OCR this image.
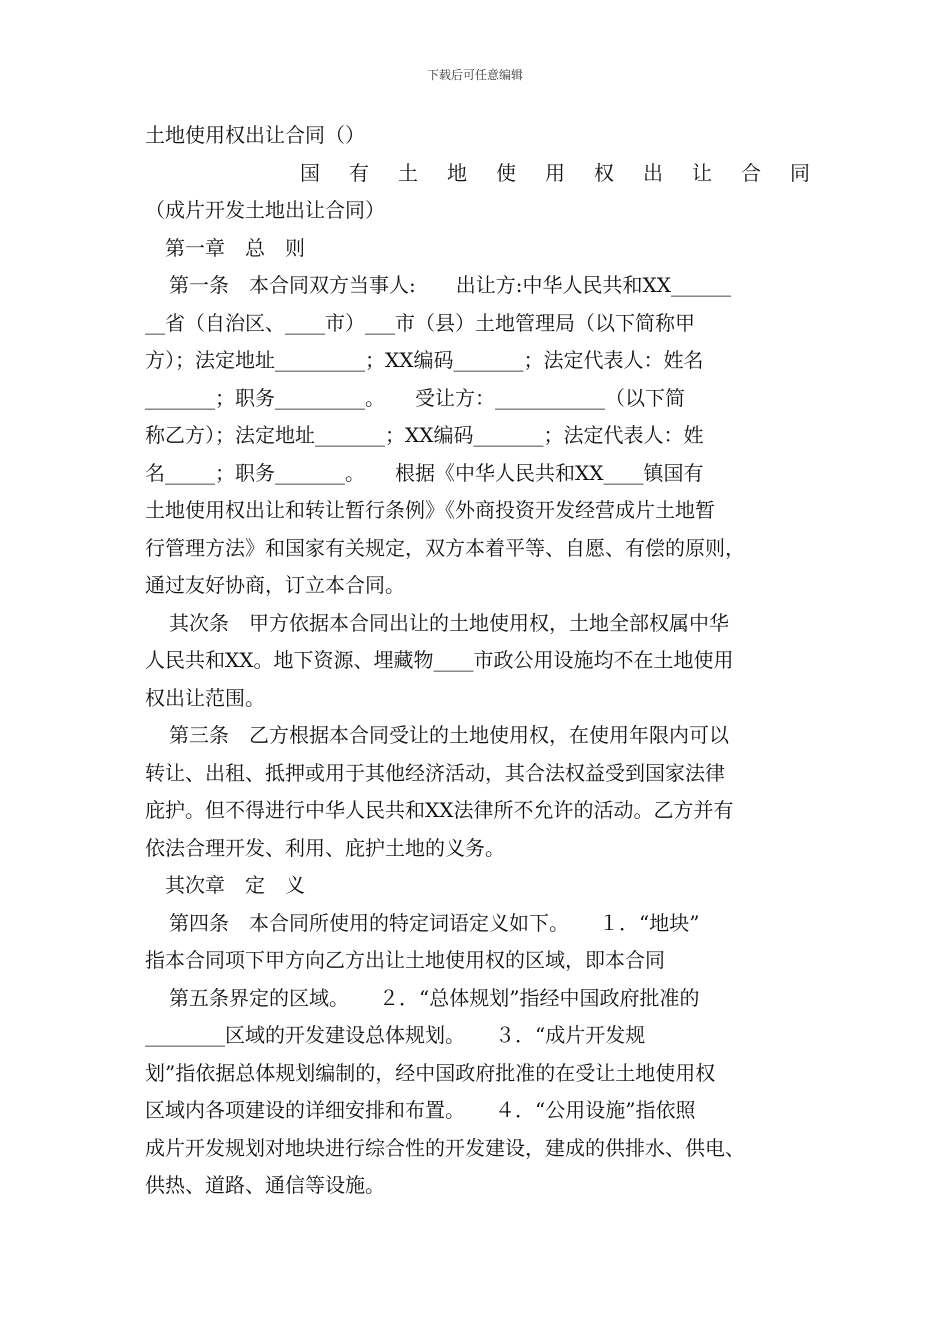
下载后可任意编辑
土地使用权出让合同（）
国 有 土 地 使 用 权 出 让 合 同
（成片开发土地出让合同）
第一章　总　则
第一条　本合同双方当事人:　　出让方:中华人民共和XX______
__省（自治区、____市）___市（县）土地管理局（以下简称甲
方）；法定地址_________；XX编码_______；法定代表人：姓名
_______；职务_________。　　受让方：___________（以下简
称乙方）；法定地址_______；XX编码_______；法定代表人：姓
名_____；职务_______。　　根据《中华人民共和XX____镇国有
土地使用权出让和转让暂行条例》《外商投资开发经营成片土地暂
行管理方法》和国家有关规定，双方本着平等、自愿、有偿的原则，
通过友好协商，订立本合同。
其次条　甲方依据本合同出让的土地使用权，土地全部权属中华
人民共和XX。地下资源、埋藏物____市政公用设施均不在土地使用
权出让范围。
第三条　乙方根据本合同受让的土地使用权，在使用年限内可以
转让、出租、抵押或用于其他经济活动，其合法权益受到国家法律
庇护。但不得进行中华人民共和XX法律所不允许的活动。乙方并有
依法合理开发、利用、庇护土地的义务。
其次章　定　义
第四条　本合同所使用的特定词语定义如下。　　１．“地块”
指本合同项下甲方向乙方出让土地使用权的区域，即本合同
第五条界定的区域。　　２．“总体规划”指经中国政府批准的
________区域的开发建设总体规划。　　３．“成片开发规
划”指依据总体规划编制的，经中国政府批准的在受让土地使用权
区域内各项建设的详细安排和布置。　　４．“公用设施”指依照
成片开发规划对地块进行综合性的开发建设，建成的供排水、供电、
供热、道路、通信等设施。
